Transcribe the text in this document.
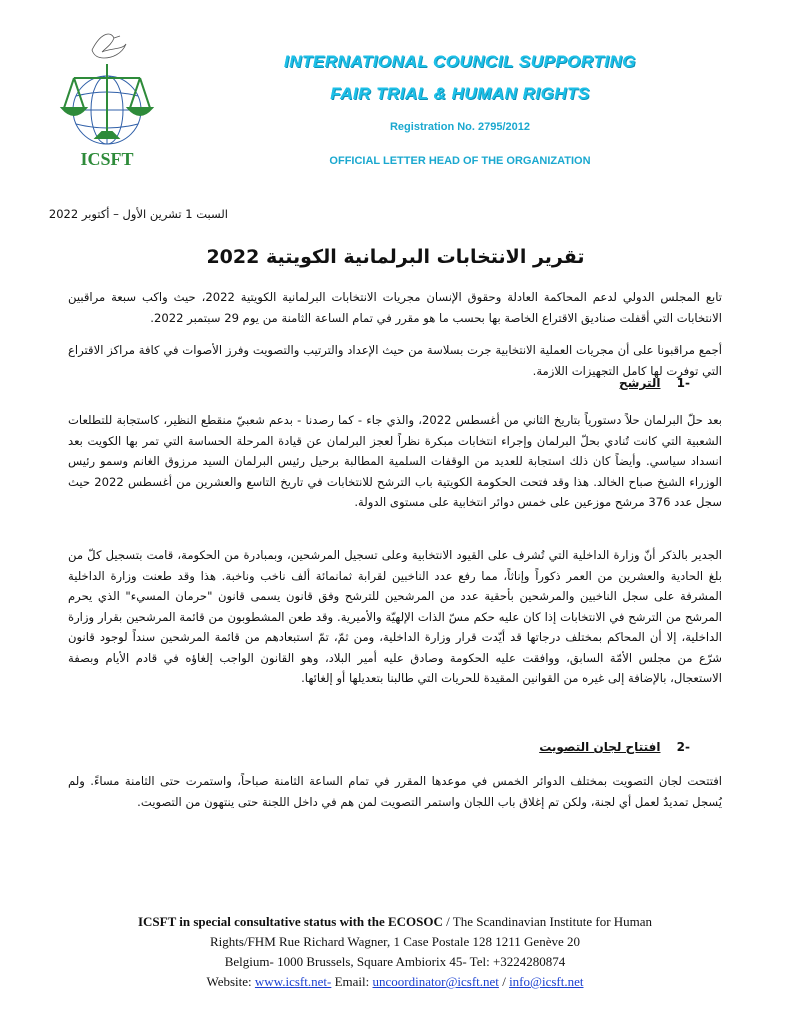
ICSFT
INTERNATIONAL COUNCIL SUPPORTING
FAIR TRIAL & HUMAN RIGHTS
Registration No. 2795/2012
OFFICIAL LETTER HEAD OF THE ORGANIZATION
السبت 1 تشرين الأول – أكتوبر 2022
تقرير الانتخابات البرلمانية الكويتية 2022
تابع المجلس الدولي لدعم المحاكمة العادلة وحقوق الإنسان مجريات الانتخابات البرلمانية الكويتية 2022، حيث واكب سبعة مراقبين الانتخابات التي أقفلت صناديق الاقتراع الخاصة بها بحسب ما هو مقرر في تمام الساعة الثامنة من يوم 29 سبتمبر 2022.
أجمع مراقبونا على أن مجريات العملية الانتخابية جرت بسلاسة من حيث الإعداد والترتيب والتصويت وفرز الأصوات في كافة مراكز الاقتراع التي توفرت لها كامل التجهيزات اللازمة.
-1 الترشح
بعد حلّ البرلمان حلاً دستورياً بتاريخ الثاني من أغسطس 2022، والذي جاء - كما رصدنا - بدعم شعبيّ منقطع النظير، كاستجابة للتطلعات الشعبية التي كانت تُنادي بحلّ البرلمان وإجراء انتخابات مبكرة نظراً لعجز البرلمان عن قيادة المرحلة الحساسة التي تمر بها الكويت بعد انسداد سياسي. وأيضاً كان ذلك استجابة للعديد من الوقفات السلمية المطالبة برحيل رئيس البرلمان السيد مرزوق الغانم وسمو رئيس الوزراء الشيخ صباح الخالد. هذا وقد فتحت الحكومة الكويتية باب الترشح للانتخابات في تاريخ التاسع والعشرين من أغسطس 2022 حيث سجل عدد 376 مرشح موزعين على خمس دوائر انتخابية على مستوى الدولة.
الجدير بالذكر أنّ وزارة الداخلية التي تُشرف على القيود الانتخابية وعلى تسجيل المرشحين، وبمبادرة من الحكومة، قامت بتسجيل كلّ من بلغ الحادية والعشرين من العمر ذكوراً وإناثاً، مما رفع عدد الناخبين لقرابة ثمانمائة ألف ناخب وناخبة. هذا وقد طعنت وزارة الداخلية المشرفة على سجل الناخبين والمرشحين بأحقية عدد من المرشحين للترشح وفق قانون يسمى قانون "حرمان المسيء" الذي يحرم المرشح من الترشح في الانتخابات إذا كان عليه حكم مسّ الذات الإلهيّة والأميرية. وقد طعن المشطوبون من قائمة المرشحين بقرار وزارة الداخلية، إلا أن المحاكم بمختلف درجاتها قد أيّدت قرار وزارة الداخلية، ومن ثمّ، تمّ استبعادهم من قائمة المرشحين سنداً لوجود قانون شرّع من مجلس الأمّة السابق، ووافقت عليه الحكومة وصادق عليه أمير البلاد، وهو القانون الواجب إلغاؤه في قادم الأيام وبصفة الاستعجال، بالإضافة إلى غيره من القوانين المقيدة للحريات التي طالبنا بتعديلها أو إلغائها.
-2 افتتاح لجان التصويت
افتتحت لجان التصويت بمختلف الدوائر الخمس في موعدها المقرر في تمام الساعة الثامنة صباحاً، واستمرت حتى الثامنة مساءً. ولم يُسجل تمديدٌ لعمل أي لجنة، ولكن تم إغلاق باب اللجان واستمر التصويت لمن هم في داخل اللجنة حتى ينتهون من التصويت.
ICSFT in special consultative status with the ECOSOC / The Scandinavian Institute for Human
Rights/FHM Rue Richard Wagner, 1 Case Postale 128 1211 Genève 20
Belgium- 1000 Brussels, Square Ambiorix 45- Tel: +3224280874
Website: www.icsft.net- Email: uncoordinator@icsft.net / info@icsft.net
